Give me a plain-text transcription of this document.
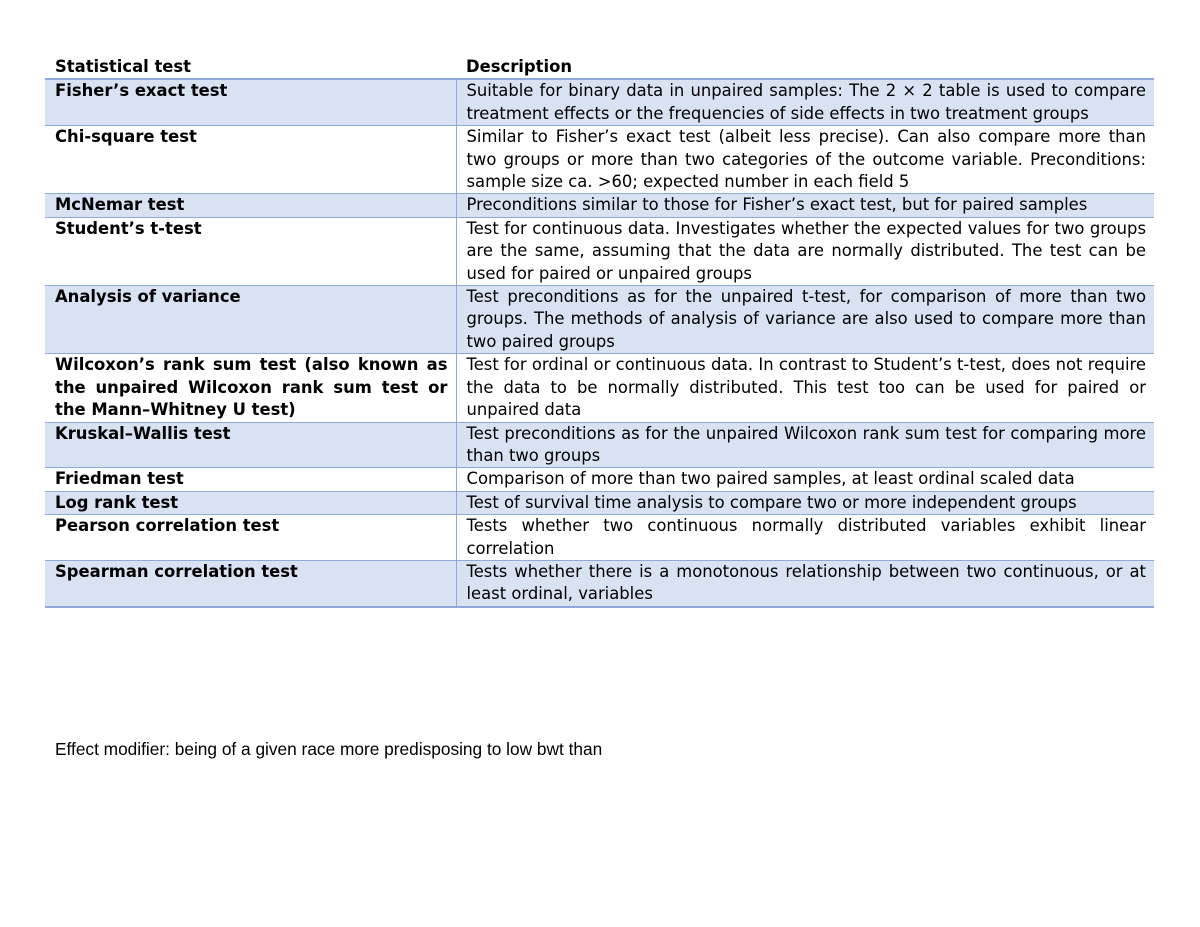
Statistical test	Description
Fisher’s exact test	Suitable for binary data in unpaired samples: The 2 × 2 table is used to compare treatment effects or the frequencies of side effects in two treatment groups
Chi-square test	Similar to Fisher’s exact test (albeit less precise). Can also compare more than two groups or more than two categories of the outcome variable. Preconditions: sample size ca. >60; expected number in each field 5
McNemar test	Preconditions similar to those for Fisher’s exact test, but for paired samples
Student’s t-test	Test for continuous data. Investigates whether the expected values for two groups are the same, assuming that the data are normally distributed. The test can be used for paired or unpaired groups
Analysis of variance	Test preconditions as for the unpaired t-test, for comparison of more than two groups. The methods of analysis of variance are also used to compare more than two paired groups
Wilcoxon’s rank sum test (also known as the unpaired Wilcoxon rank sum test or the Mann–Whitney U test)	Test for ordinal or continuous data. In contrast to Student’s t-test, does not require the data to be normally distributed. This test too can be used for paired or unpaired data
Kruskal–Wallis test	Test preconditions as for the unpaired Wilcoxon rank sum test for comparing more than two groups
Friedman test	Comparison of more than two paired samples, at least ordinal scaled data
Log rank test	Test of survival time analysis to compare two or more independent groups
Pearson correlation test	Tests whether two continuous normally distributed variables exhibit linear correlation
Spearman correlation test	Tests whether there is a monotonous relationship between two continuous, or at least ordinal, variables
Effect modifier: being of a given race more predisposing to low bwt than
